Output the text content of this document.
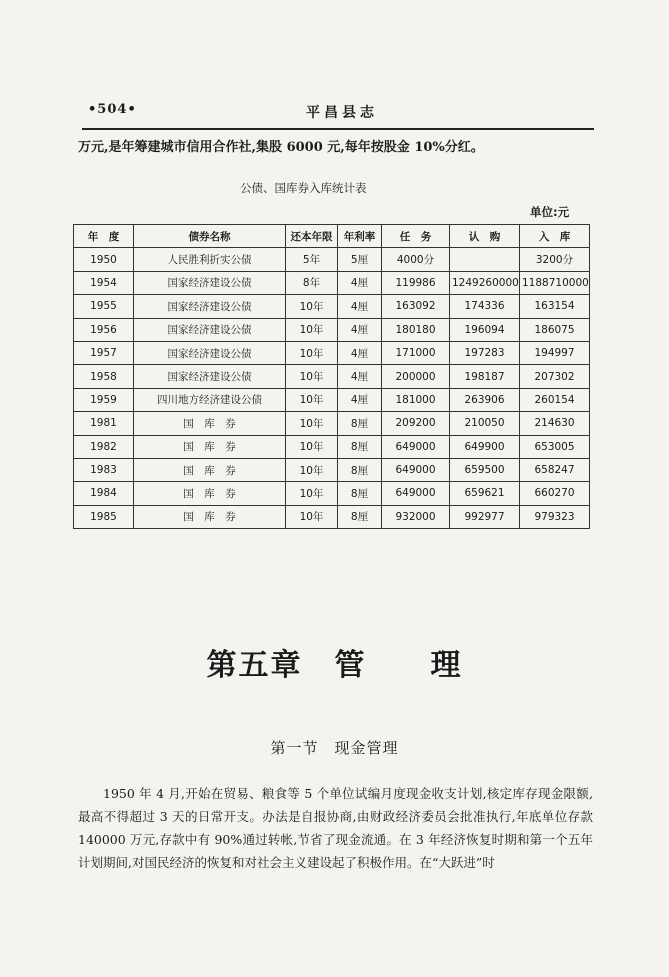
•504•	平昌县志
万元,是年筹建城市信用合作社,集股 6000 元,每年按股金 10%分红。
公债、国库券入库统计表
单位:元
年　度	债券名称	还本年限	年利率	任　务	认　购	入　库
1950	人民胜利折实公债	5年	5厘	4000分		3200分
1954	国家经济建设公债	8年	4厘	119986	1249260000	1188710000
1955	国家经济建设公债	10年	4厘	163092	174336	163154
1956	国家经济建设公债	10年	4厘	180180	196094	186075
1957	国家经济建设公债	10年	4厘	171000	197283	194997
1958	国家经济建设公债	10年	4厘	200000	198187	207302
1959	四川地方经济建设公债	10年	4厘	181000	263906	260154
1981	国　库　券	10年	8厘	209200	210050	214630
1982	国　库　券	10年	8厘	649000	649900	653005
1983	国　库　券	10年	8厘	649000	659500	658247
1984	国　库　券	10年	8厘	649000	659621	660270
1985	国　库　券	10年	8厘	932000	992977	979323
第五章　管　　理
第一节　现金管理

1950 年 4 月,开始在贸易、粮食等 5 个单位试编月度现金收支计划,核定库存现金限额,最高不得超过 3 天的日常开支。办法是自报协商,由财政经济委员会批准执行,年底单位存款 140000 万元,存款中有 90%通过转帐,节省了现金流通。在 3 年经济恢复时期和第一个五年计划期间,对国民经济的恢复和对社会主义建设起了积极作用。在“大跃进”时
